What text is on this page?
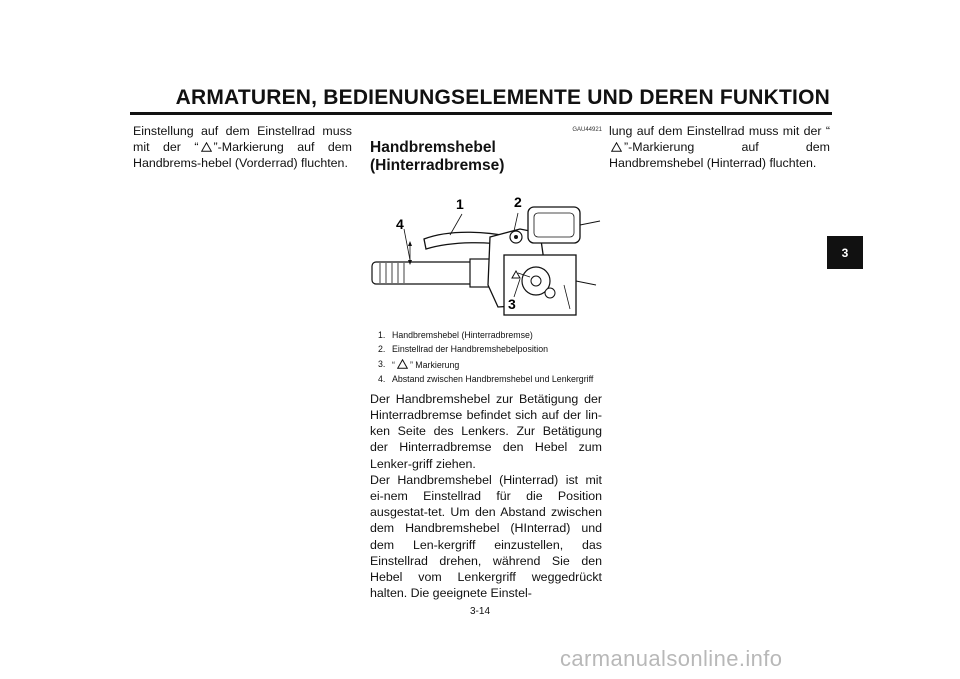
ARMATUREN, BEDIENUNGSELEMENTE UND DEREN FUNKTION

Einstellung auf dem Einstellrad muss mit der “ ”-Markierung auf dem Handbrems-hebel (Vorderrad) fluchten.

GAU44921
Handbremshebel (Hinterradbremse)
1	2
4
3
1. Handbremshebel (Hinterradbremse)
2. Einstellrad der Handbremshebelposition
3. “ ” Markierung
4. Abstand zwischen Handbremshebel und Lenkergriff

Der Handbremshebel zur Betätigung der Hinterradbremse befindet sich auf der lin-ken Seite des Lenkers. Zur Betätigung der Hinterradbremse den Hebel zum Lenker-griff ziehen.

Der Handbremshebel (Hinterrad) ist mit ei-nem Einstellrad für die Position ausgestat-tet. Um den Abstand zwischen dem Handbremshebel (HInterrad) und dem Len-kergriff einzustellen, das Einstellrad drehen, während Sie den Hebel vom Lenkergriff weggedrückt halten. Die geeignete Einstel-

lung auf dem Einstellrad muss mit der “”-Markierung auf dem Handbremshebel (Hinterrad) fluchten.

3
3-14
carmanualsonline.info
